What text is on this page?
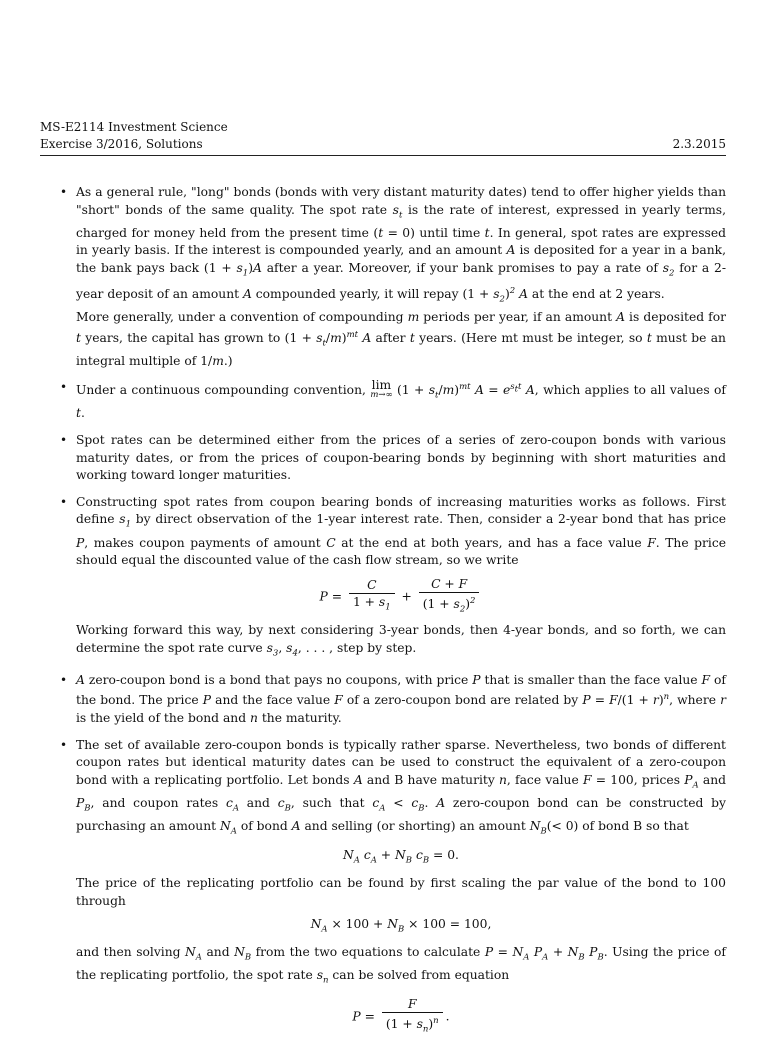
MS-E2114 Investment Science
Exercise 3/2016, Solutions	2.3.2015
• As a general rule, "long" bonds (bonds with very distant maturity dates) tend to offer higher yields than "short" bonds of the same quality. The spot rate $s_t$ is the rate of interest, expressed in yearly terms, charged for money held from the present time (t = 0) until time t. In general, spot rates are expressed in yearly basis. If the interest is compounded yearly, and an amount A is deposited for a year in a bank, the bank pays back $(1 + s_1)A$ after a year. Moreover, if your bank promises to pay a rate of $s_2$ for a 2-year deposit of an amount A compounded yearly, it will repay $(1 + s_2)^2$ A at the end at 2 years.

More generally, under a convention of compounding m periods per year, if an amount A is deposited for t years, the capital has grown to $(1 + s_t/m)^{mt}$ A after t years. (Here mt must be integer, so t must be an integral multiple of 1/m.)

• Under a continuous compounding convention, lim
m→∞ $(1 + s_t/m)^{mt}$ $A = e^{s_tt}$ A, which applies to all values of t.

• Spot rates can be determined either from the prices of a series of zero-coupon bonds with various maturity dates, or from the prices of coupon-bearing bonds by beginning with short maturities and working toward longer maturities.

• Constructing spot rates from coupon bearing bonds of increasing maturities works as follows. First define $s_1$ by direct observation of the 1-year interest rate. Then, consider a 2-year bond that has price P, makes coupon payments of amount C at the end at both years, and has a face value F. The price should equal the discounted value of the cash flow stream, so we write

$P = \frac{C}{1 + s_1} + \frac{C + F}{(1 + s_2)^2}$

Working forward this way, by next considering 3-year bonds, then 4-year bonds, and so forth, we can determine the spot rate curve $s_3$, $s_4$, . . . , step by step.

• A zero-coupon bond is a bond that pays no coupons, with price P that is smaller than the face value F of the bond. The price P and the face value F of a zero-coupon bond are related by $P = F/(1 + r)^n$, where r is the yield of the bond and n the maturity.

• The set of available zero-coupon bonds is typically rather sparse. Nevertheless, two bonds of different coupon rates but identical maturity dates can be used to construct the equivalent of a zero-coupon bond with a replicating portfolio. Let bonds A and B have maturity n, face value F = 100, prices $P_A$ and $P_B$, and coupon rates $c_A$ and $c_B$, such that $c_A < c_B$. A zero-coupon bond can be constructed by purchasing an amount $N_A$ of bond A and selling (or shorting) an amount $N_B(< 0)$ of bond B so that

$N_A$ $c_A + N_B$ $c_B = 0$.

The price of the replicating portfolio can be found by first scaling the par value of the bond to 100 through

$N_A \times 100 + N_B \times 100 = 100$,

and then solving $N_A$ and $N_B$ from the two equations to calculate $P = N_A$ $P_A + N_B$ $P_B$. Using the price of the replicating portfolio, the spot rate $s_n$ can be solved from equation

$P = \frac{F}{(1 + s_n)^n}$ .
